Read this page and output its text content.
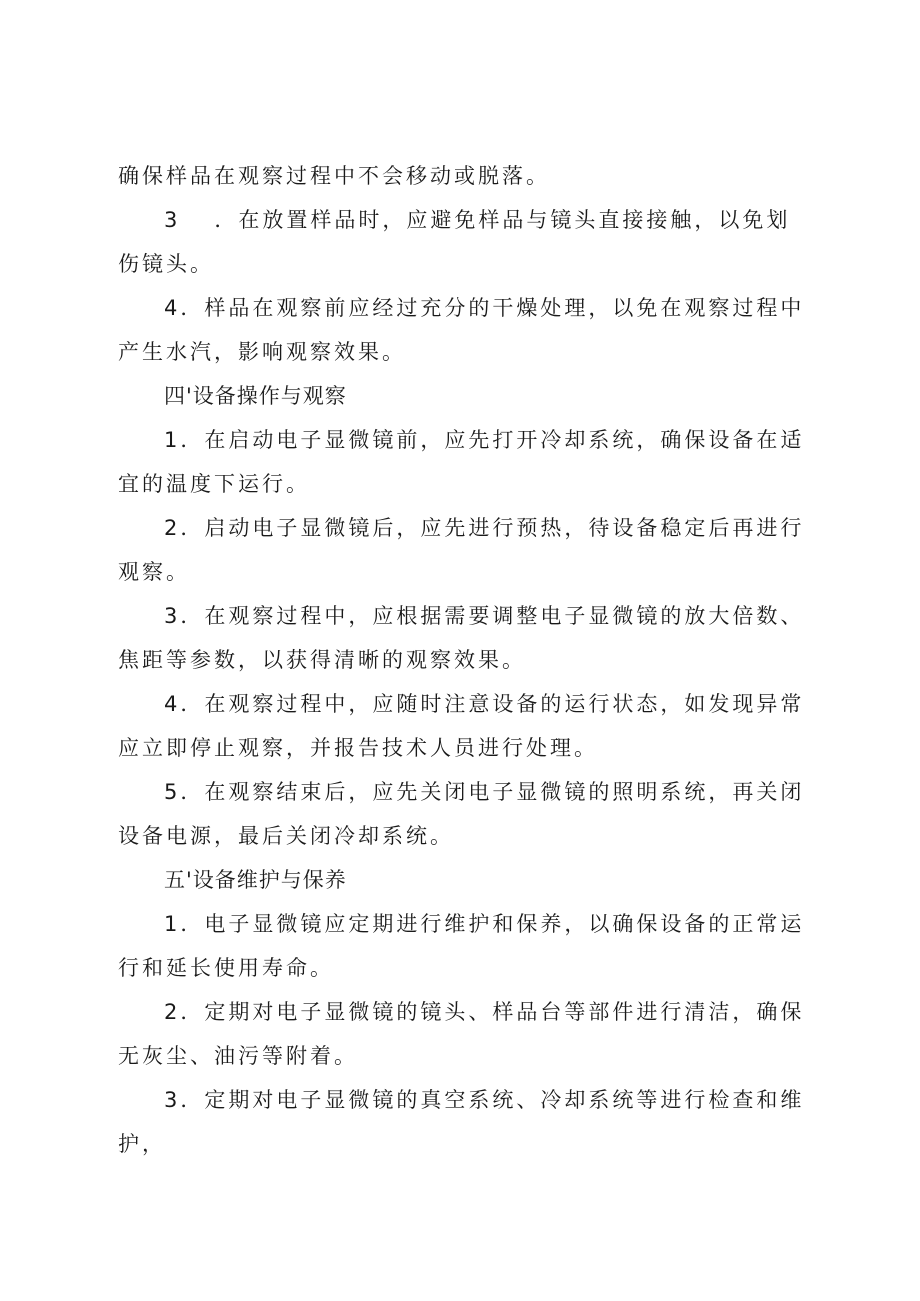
确保样品在观察过程中不会移动或脱落。

3 ．在放置样品时，应避免样品与镜头直接接触，以免划伤镜头。

4．样品在观察前应经过充分的干燥处理，以免在观察过程中产生水汽，影响观察效果。

四'设备操作与观察

1．在启动电子显微镜前，应先打开冷却系统，确保设备在适宜的温度下运行。

2．启动电子显微镜后，应先进行预热，待设备稳定后再进行观察。

3．在观察过程中，应根据需要调整电子显微镜的放大倍数、焦距等参数，以获得清晰的观察效果。

4．在观察过程中，应随时注意设备的运行状态，如发现异常应立即停止观察，并报告技术人员进行处理。

5．在观察结束后，应先关闭电子显微镜的照明系统，再关闭设备电源，最后关闭冷却系统。

五'设备维护与保养

1．电子显微镜应定期进行维护和保养，以确保设备的正常运行和延长使用寿命。

2．定期对电子显微镜的镜头、样品台等部件进行清洁，确保无灰尘、油污等附着。

3．定期对电子显微镜的真空系统、冷却系统等进行检查和维护，
